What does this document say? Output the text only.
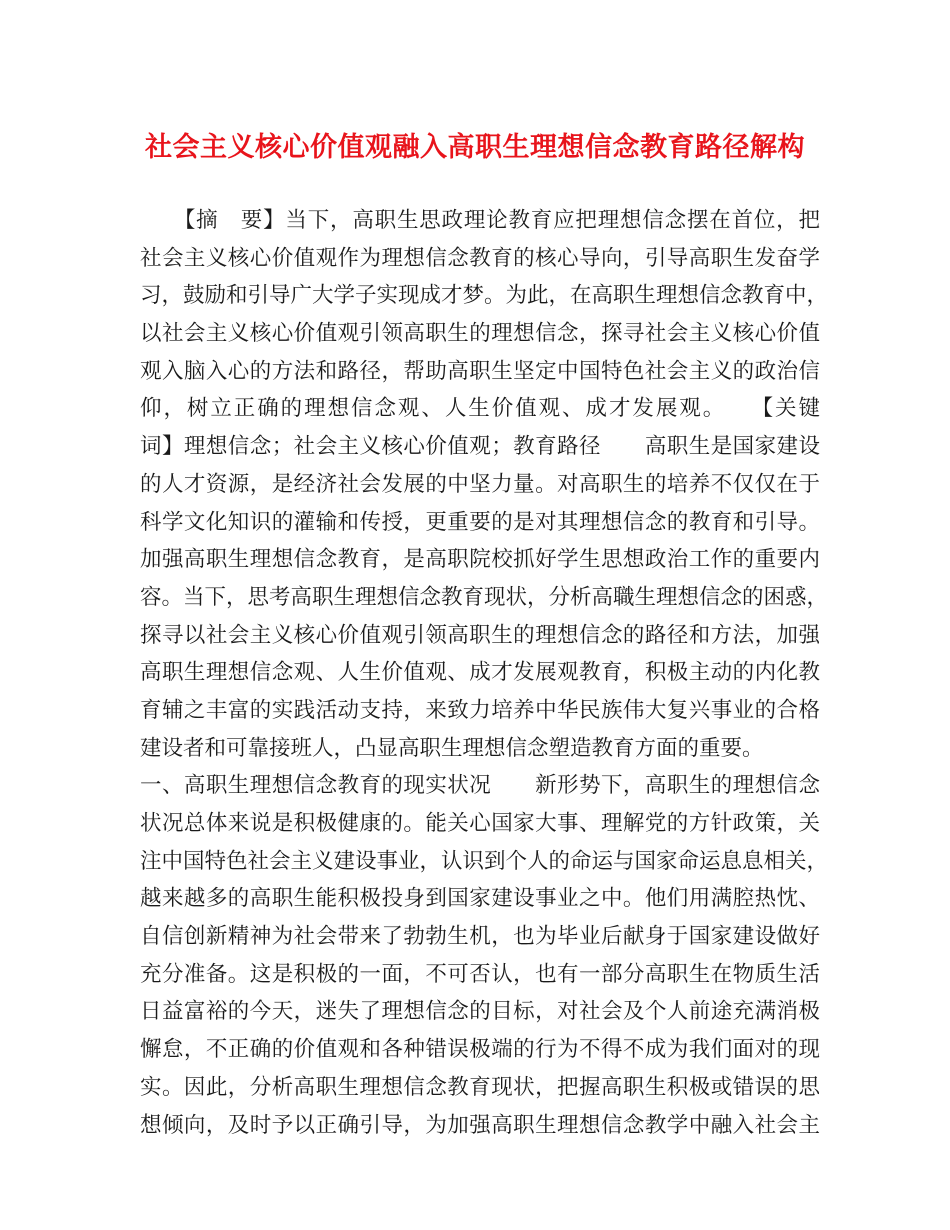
社会主义核心价值观融入高职生理想信念教育路径解构
　　【摘　要】当下，高职生思政理论教育应把理想信念摆在首位，把
社会主义核心价值观作为理想信念教育的核心导向，引导高职生发奋学
习，鼓励和引导广大学子实现成才梦。为此，在高职生理想信念教育中，
以社会主义核心价值观引领高职生的理想信念，探寻社会主义核心价值
观入脑入心的方法和路径，帮助高职生坚定中国特色社会主义的政治信
仰，树立正确的理想信念观、人生价值观、成才发展观。　　【关键
词】理想信念；社会主义核心价值观；教育路径　　高职生是国家建设
的人才资源，是经济社会发展的中坚力量。对高职生的培养不仅仅在于
科学文化知识的灌输和传授，更重要的是对其理想信念的教育和引导。
加强高职生理想信念教育，是高职院校抓好学生思想政治工作的重要内
容。当下，思考高职生理想信念教育现状，分析高職生理想信念的困惑，
探寻以社会主义核心价值观引领高职生的理想信念的路径和方法，加强
高职生理想信念观、人生价值观、成才发展观教育，积极主动的内化教
育辅之丰富的实践活动支持，来致力培养中华民族伟大复兴事业的合格
建设者和可靠接班人，凸显高职生理想信念塑造教育方面的重要。
一、高职生理想信念教育的现实状况　　新形势下，高职生的理想信念
状况总体来说是积极健康的。能关心国家大事、理解党的方针政策，关
注中国特色社会主义建设事业，认识到个人的命运与国家命运息息相关，
越来越多的高职生能积极投身到国家建设事业之中。他们用满腔热忱、
自信创新精神为社会带来了勃勃生机，也为毕业后献身于国家建设做好
充分准备。这是积极的一面，不可否认，也有一部分高职生在物质生活
日益富裕的今天，迷失了理想信念的目标，对社会及个人前途充满消极
懈怠，不正确的价值观和各种错误极端的行为不得不成为我们面对的现
实。因此，分析高职生理想信念教育现状，把握高职生积极或错误的思
想倾向，及时予以正确引导，为加强高职生理想信念教学中融入社会主
